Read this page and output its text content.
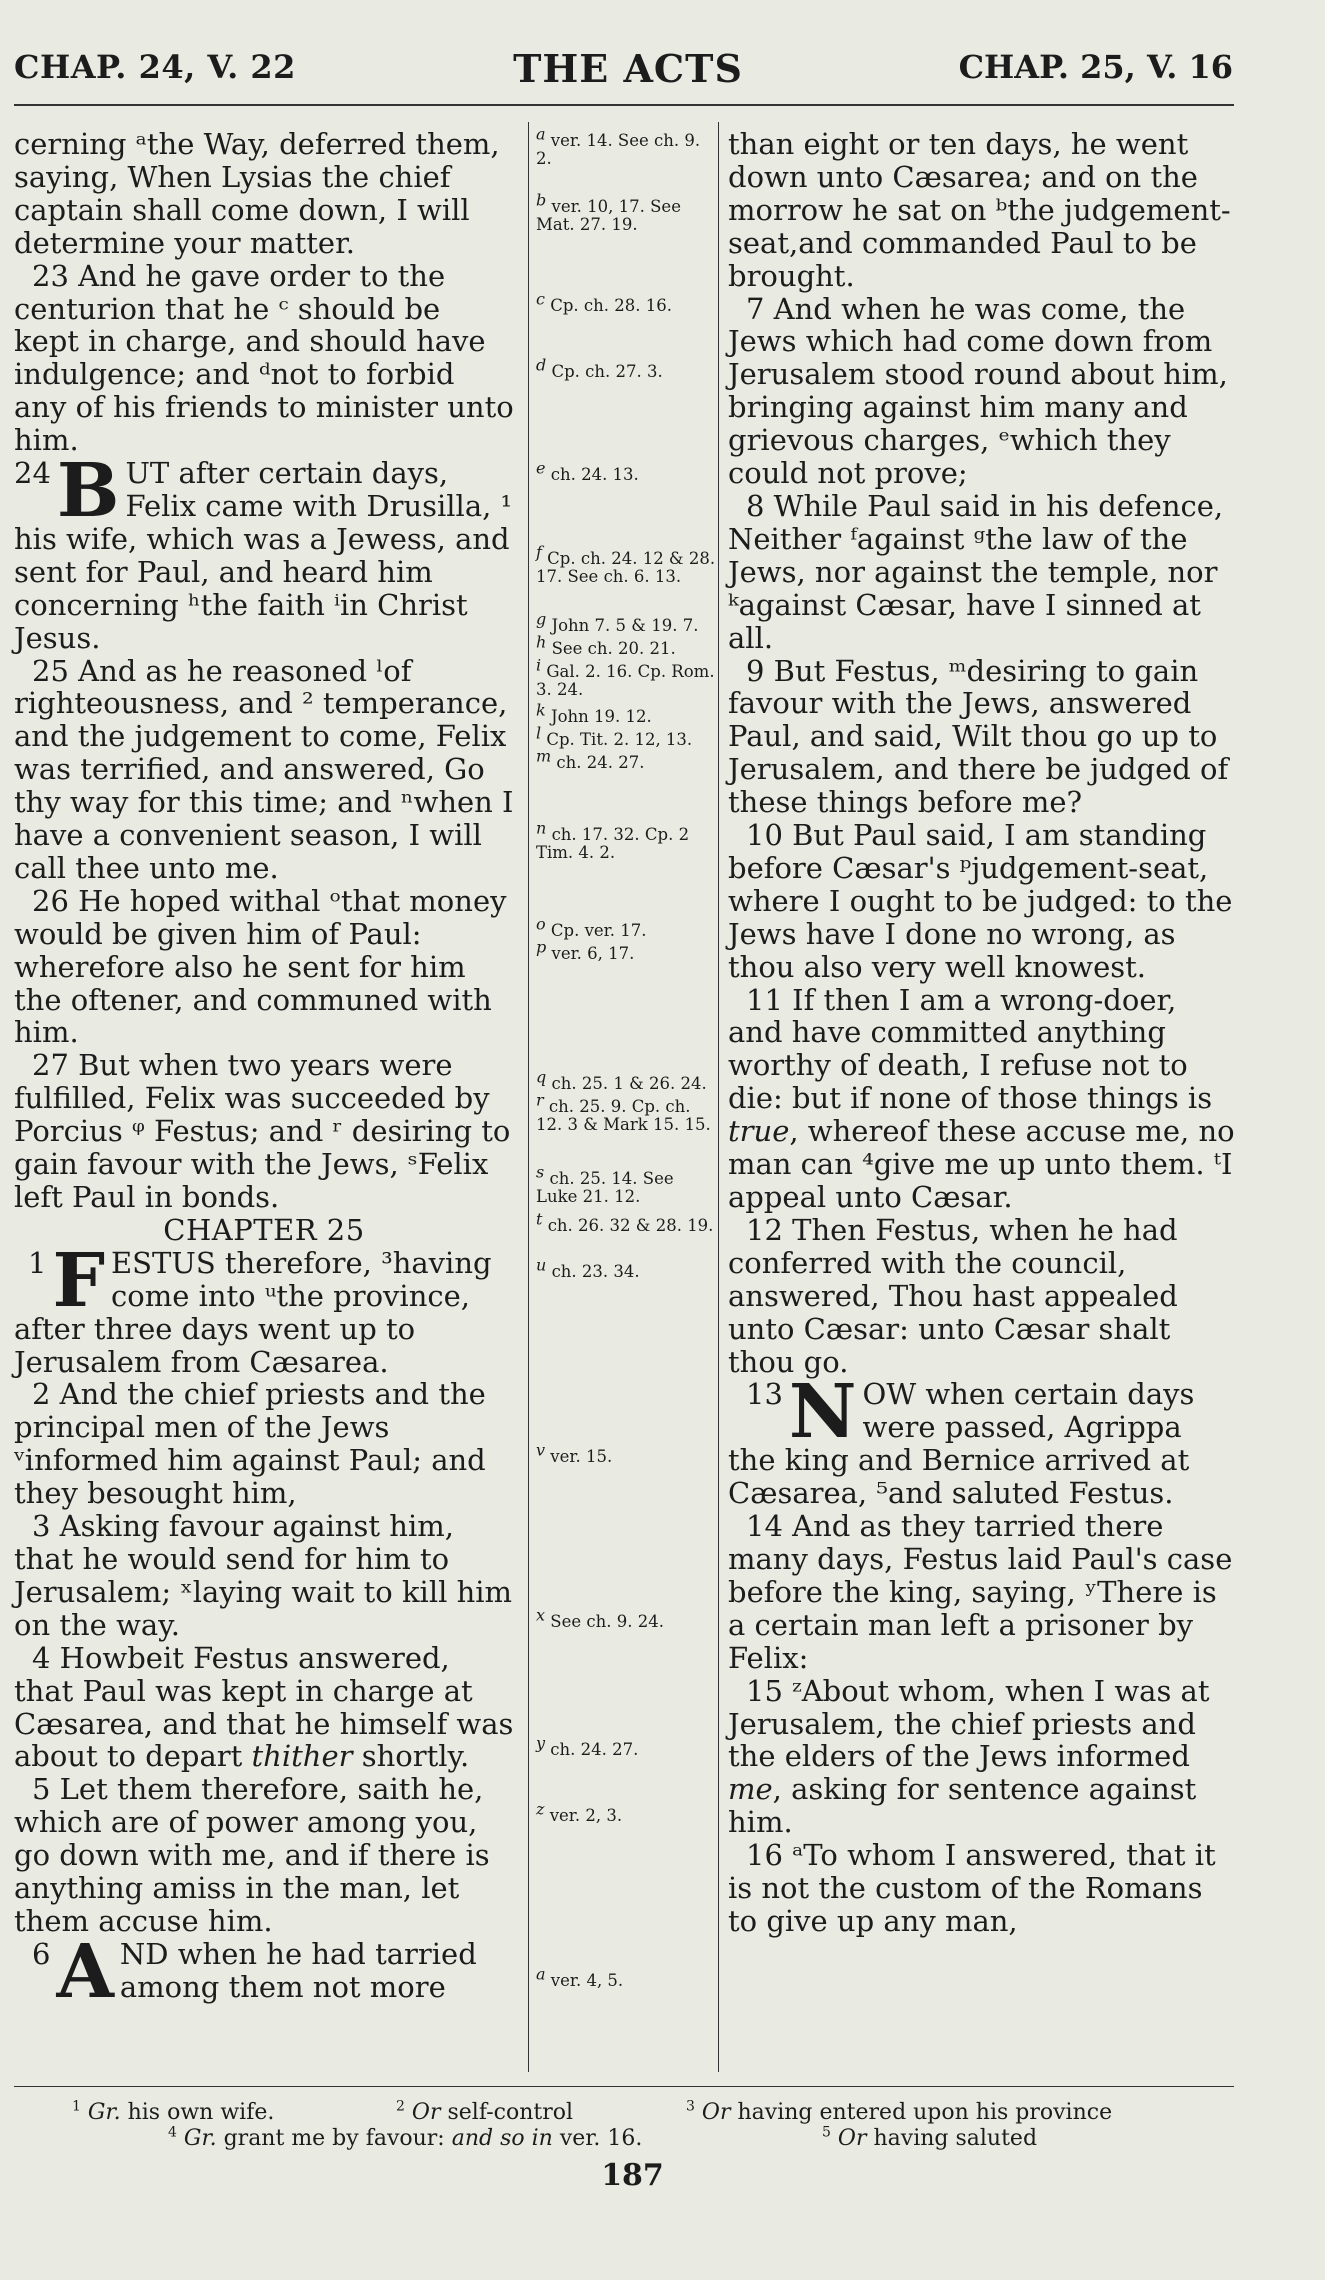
CHAP. 24, V. 22	THE ACTS	CHAP. 25, V. 16

cerning ᵃthe Way, deferred them, saying, When Lysias the chief captain shall come down, I will determine your matter.

23 And he gave order to the centurion that he ᶜ should be kept in charge, and should have indulgence; and ᵈnot to forbid any of his friends to minister unto him.

24 B UT after certain days, Felix came with Drusilla, ¹ his wife, which was a Jewess, and sent for Paul, and heard him concerning ʰthe faith ⁱin Christ Jesus.

25 And as he reasoned ˡof righteousness, and ² temperance, and the judgement to come, Felix was terrified, and answered, Go thy way for this time; and ⁿwhen I have a convenient season, I will call thee unto me.

26 He hoped withal ᵒthat money would be given him of Paul: wherefore also he sent for him the oftener, and communed with him.

27 But when two years were fulfilled, Felix was succeeded by Porcius ᵠ Festus; and ʳ desiring to gain favour with the Jews, ˢFelix left Paul in bonds.

CHAPTER 25

1 F ESTUS therefore, ³having come into ᵘthe province, after three days went up to Jerusalem from Cæsarea.

2 And the chief priests and the principal men of the Jews ᵛinformed him against Paul; and they besought him,

3 Asking favour against him, that he would send for him to Jerusalem; ˣlaying wait to kill him on the way.

4 Howbeit Festus answered, that Paul was kept in charge at Cæsarea, and that he himself was about to depart thither shortly.

5 Let them therefore, saith he, which are of power among you, go down with me, and if there is anything amiss in the man, let them accuse him.

6 A ND when he had tarried among them not more

a ver. 14. See ch. 9. 2.
b ver. 10, 17. See Mat. 27. 19.
c Cp. ch. 28. 16.
d Cp. ch. 27. 3.
e ch. 24. 13.
f Cp. ch. 24. 12 & 28. 17. See ch. 6. 13.
g John 7. 5 & 19. 7.
h See ch. 20. 21.
i Gal. 2. 16. Cp. Rom. 3. 24.
k John 19. 12.
l Cp. Tit. 2. 12, 13.
m ch. 24. 27.
n ch. 17. 32. Cp. 2 Tim. 4. 2.
o Cp. ver. 17.
p ver. 6, 17.
q ch. 25. 1 & 26. 24.
r ch. 25. 9. Cp. ch. 12. 3 & Mark 15. 15.
s ch. 25. 14. See Luke 21. 12.
t ch. 26. 32 & 28. 19.
u ch. 23. 34.
v ver. 15.
x See ch. 9. 24.
y ch. 24. 27.
z ver. 2, 3.
a ver. 4, 5.

than eight or ten days, he went down unto Cæsarea; and on the morrow he sat on ᵇthe judgement-seat,and commanded Paul to be brought.

7 And when he was come, the Jews which had come down from Jerusalem stood round about him, bringing against him many and grievous charges, ᵉwhich they could not prove;

8 While Paul said in his defence, Neither ᶠagainst ᵍthe law of the Jews, nor against the temple, nor ᵏagainst Cæsar, have I sinned at all.

9 But Festus, ᵐdesiring to gain favour with the Jews, answered Paul, and said, Wilt thou go up to Jerusalem, and there be judged of these things before me?

10 But Paul said, I am standing before Cæsar's ᵖjudgement-seat, where I ought to be judged: to the Jews have I done no wrong, as thou also very well knowest.

11 If then I am a wrong-doer, and have committed anything worthy of death, I refuse not to die: but if none of those things is true, whereof these accuse me, no man can ⁴give me up unto them. ᵗI appeal unto Cæsar.

12 Then Festus, when he had conferred with the council, answered, Thou hast appealed unto Cæsar: unto Cæsar shalt thou go.

13 N OW when certain days were passed, Agrippa the king and Bernice arrived at Cæsarea, ⁵and saluted Festus.

14 And as they tarried there many days, Festus laid Paul's case before the king, saying, ʸThere is a certain man left a prisoner by Felix:

15 ᶻAbout whom, when I was at Jerusalem, the chief priests and the elders of the Jews informed me, asking for sentence against him.

16 ᵃTo whom I answered, that it is not the custom of the Romans to give up any man,

$^1$ Gr. his own wife.	$^2$ Or self-control	$^3$ Or having entered upon his province
$^4$ Gr. grant me by favour: and so in ver. 16.	$^5$ Or having saluted
187
